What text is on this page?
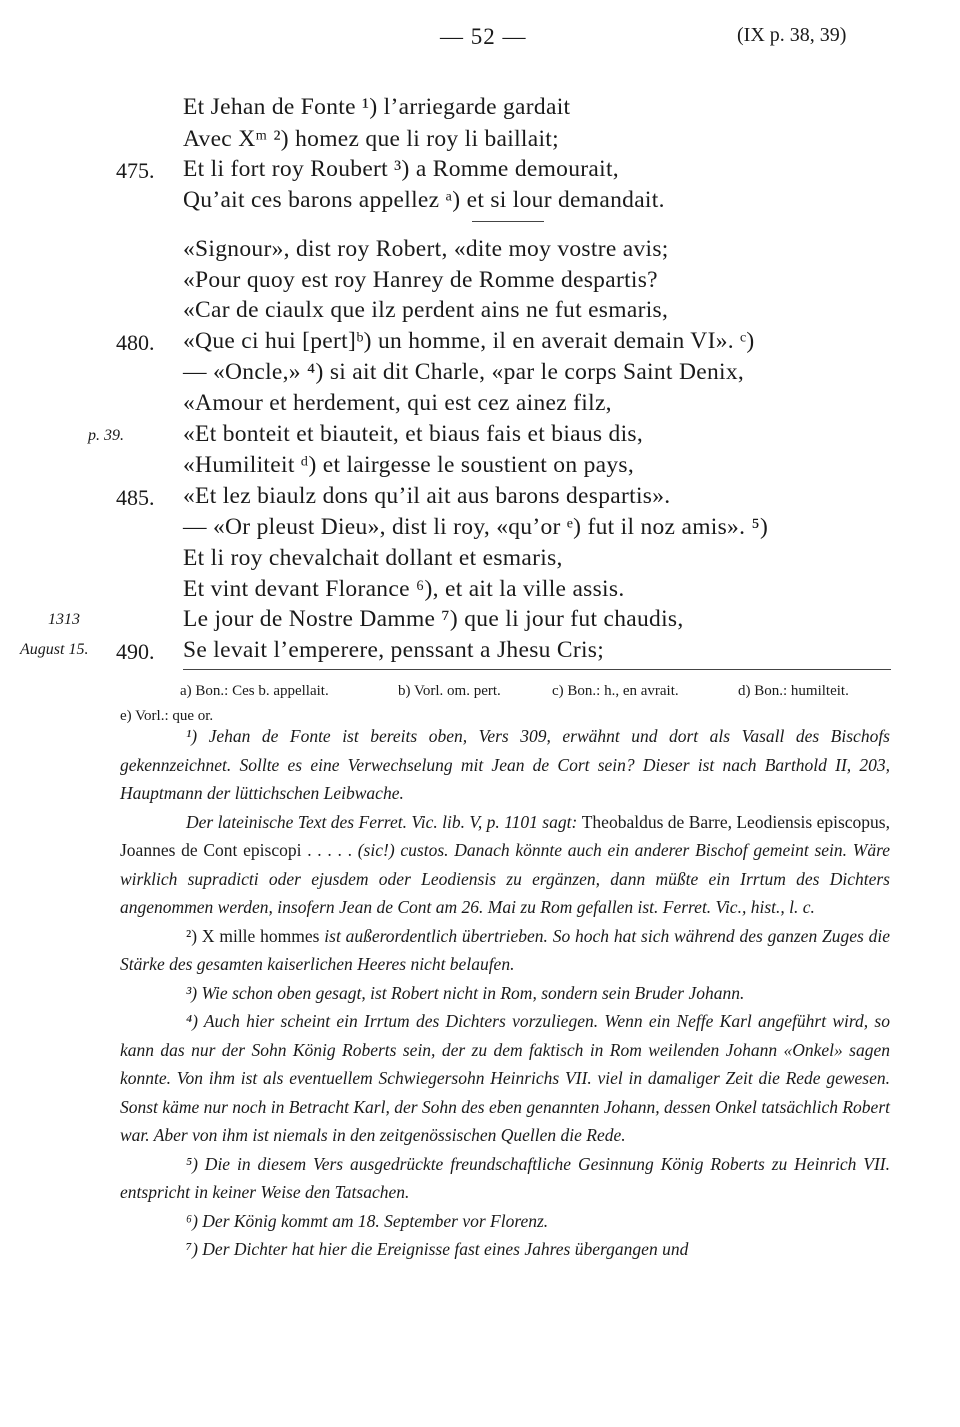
— 52 —	(IX p. 38, 39)
Et Jehan de Fonte ¹) l’arriegarde gardait
Avec Xᵐ ²) homez que li roy li baillait;
475. Et li fort roy Roubert ³) a Romme demourait,
Qu’ait ces barons appellez ᵃ) et si lour demandait.
«Signour», dist roy Robert, «dite moy vostre avis;
«Pour quoy est roy Hanrey de Romme despartis?
«Car de ciaulx que ilz perdent ains ne fut esmaris,
480. «Que ci hui [pert]ᵇ) un homme, il en averait demain VI». ᶜ)
— «Oncle,» ⁴) si ait dit Charle, «par le corps Saint Denix,
«Amour et herdement, qui est cez ainez filz,
p. 39.	«Et bonteit et biauteit, et biaus fais et biaus dis,
«Humiliteit ᵈ) et lairgesse le soustient on pays,
485. «Et lez biaulz dons qu’il ait aus barons despartis».
— «Or pleust Dieu», dist li roy, «qu’or ᵉ) fut il noz amis». ⁵)
Et li roy chevalchait dollant et esmaris,
Et vint devant Florance ⁶), et ait la ville assis.
1313	Le jour de Nostre Damme ⁷) que li jour fut chaudis,
August 15. 490. Se levait l’emperere, penssant a Jhesu Cris;
a) Bon.: Ces b. appellait.	b) Vorl. om. pert.	c) Bon.: h., en avrait.	d) Bon.: humilteit.
e) Vorl.: que or.

¹) Jehan de Fonte ist bereits oben, Vers 309, erwähnt und dort als Vasall des Bischofs gekennzeichnet. Sollte es eine Verwechselung mit Jean de Cort sein? Dieser ist nach Barthold II, 203, Hauptmann der lüttichschen Leibwache.

Der lateinische Text des Ferret. Vic. lib. V, p. 1101 sagt: Theobaldus de Barre, Leodiensis episcopus, Joannes de Cont episcopi . . . . . (sic!) custos. Danach könnte auch ein anderer Bischof gemeint sein. Wäre wirklich supradicti oder ejusdem oder Leodiensis zu ergänzen, dann müßte ein Irrtum des Dichters angenommen werden, insofern Jean de Cont am 26. Mai zu Rom gefallen ist. Ferret. Vic., hist., l. c.

²) X mille hommes ist außerordentlich übertrieben. So hoch hat sich während des ganzen Zuges die Stärke des gesamten kaiserlichen Heeres nicht belaufen.

³) Wie schon oben gesagt, ist Robert nicht in Rom, sondern sein Bruder Johann.

⁴) Auch hier scheint ein Irrtum des Dichters vorzuliegen. Wenn ein Neffe Karl angeführt wird, so kann das nur der Sohn König Roberts sein, der zu dem faktisch in Rom weilenden Johann «Onkel» sagen konnte. Von ihm ist als eventuellem Schwiegersohn Heinrichs VII. viel in damaliger Zeit die Rede gewesen. Sonst käme nur noch in Betracht Karl, der Sohn des eben genannten Johann, dessen Onkel tatsächlich Robert war. Aber von ihm ist niemals in den zeitgenössischen Quellen die Rede.

⁵) Die in diesem Vers ausgedrückte freundschaftliche Gesinnung König Roberts zu Heinrich VII. entspricht in keiner Weise den Tatsachen.

⁶) Der König kommt am 18. September vor Florenz.

⁷) Der Dichter hat hier die Ereignisse fast eines Jahres übergangen und
